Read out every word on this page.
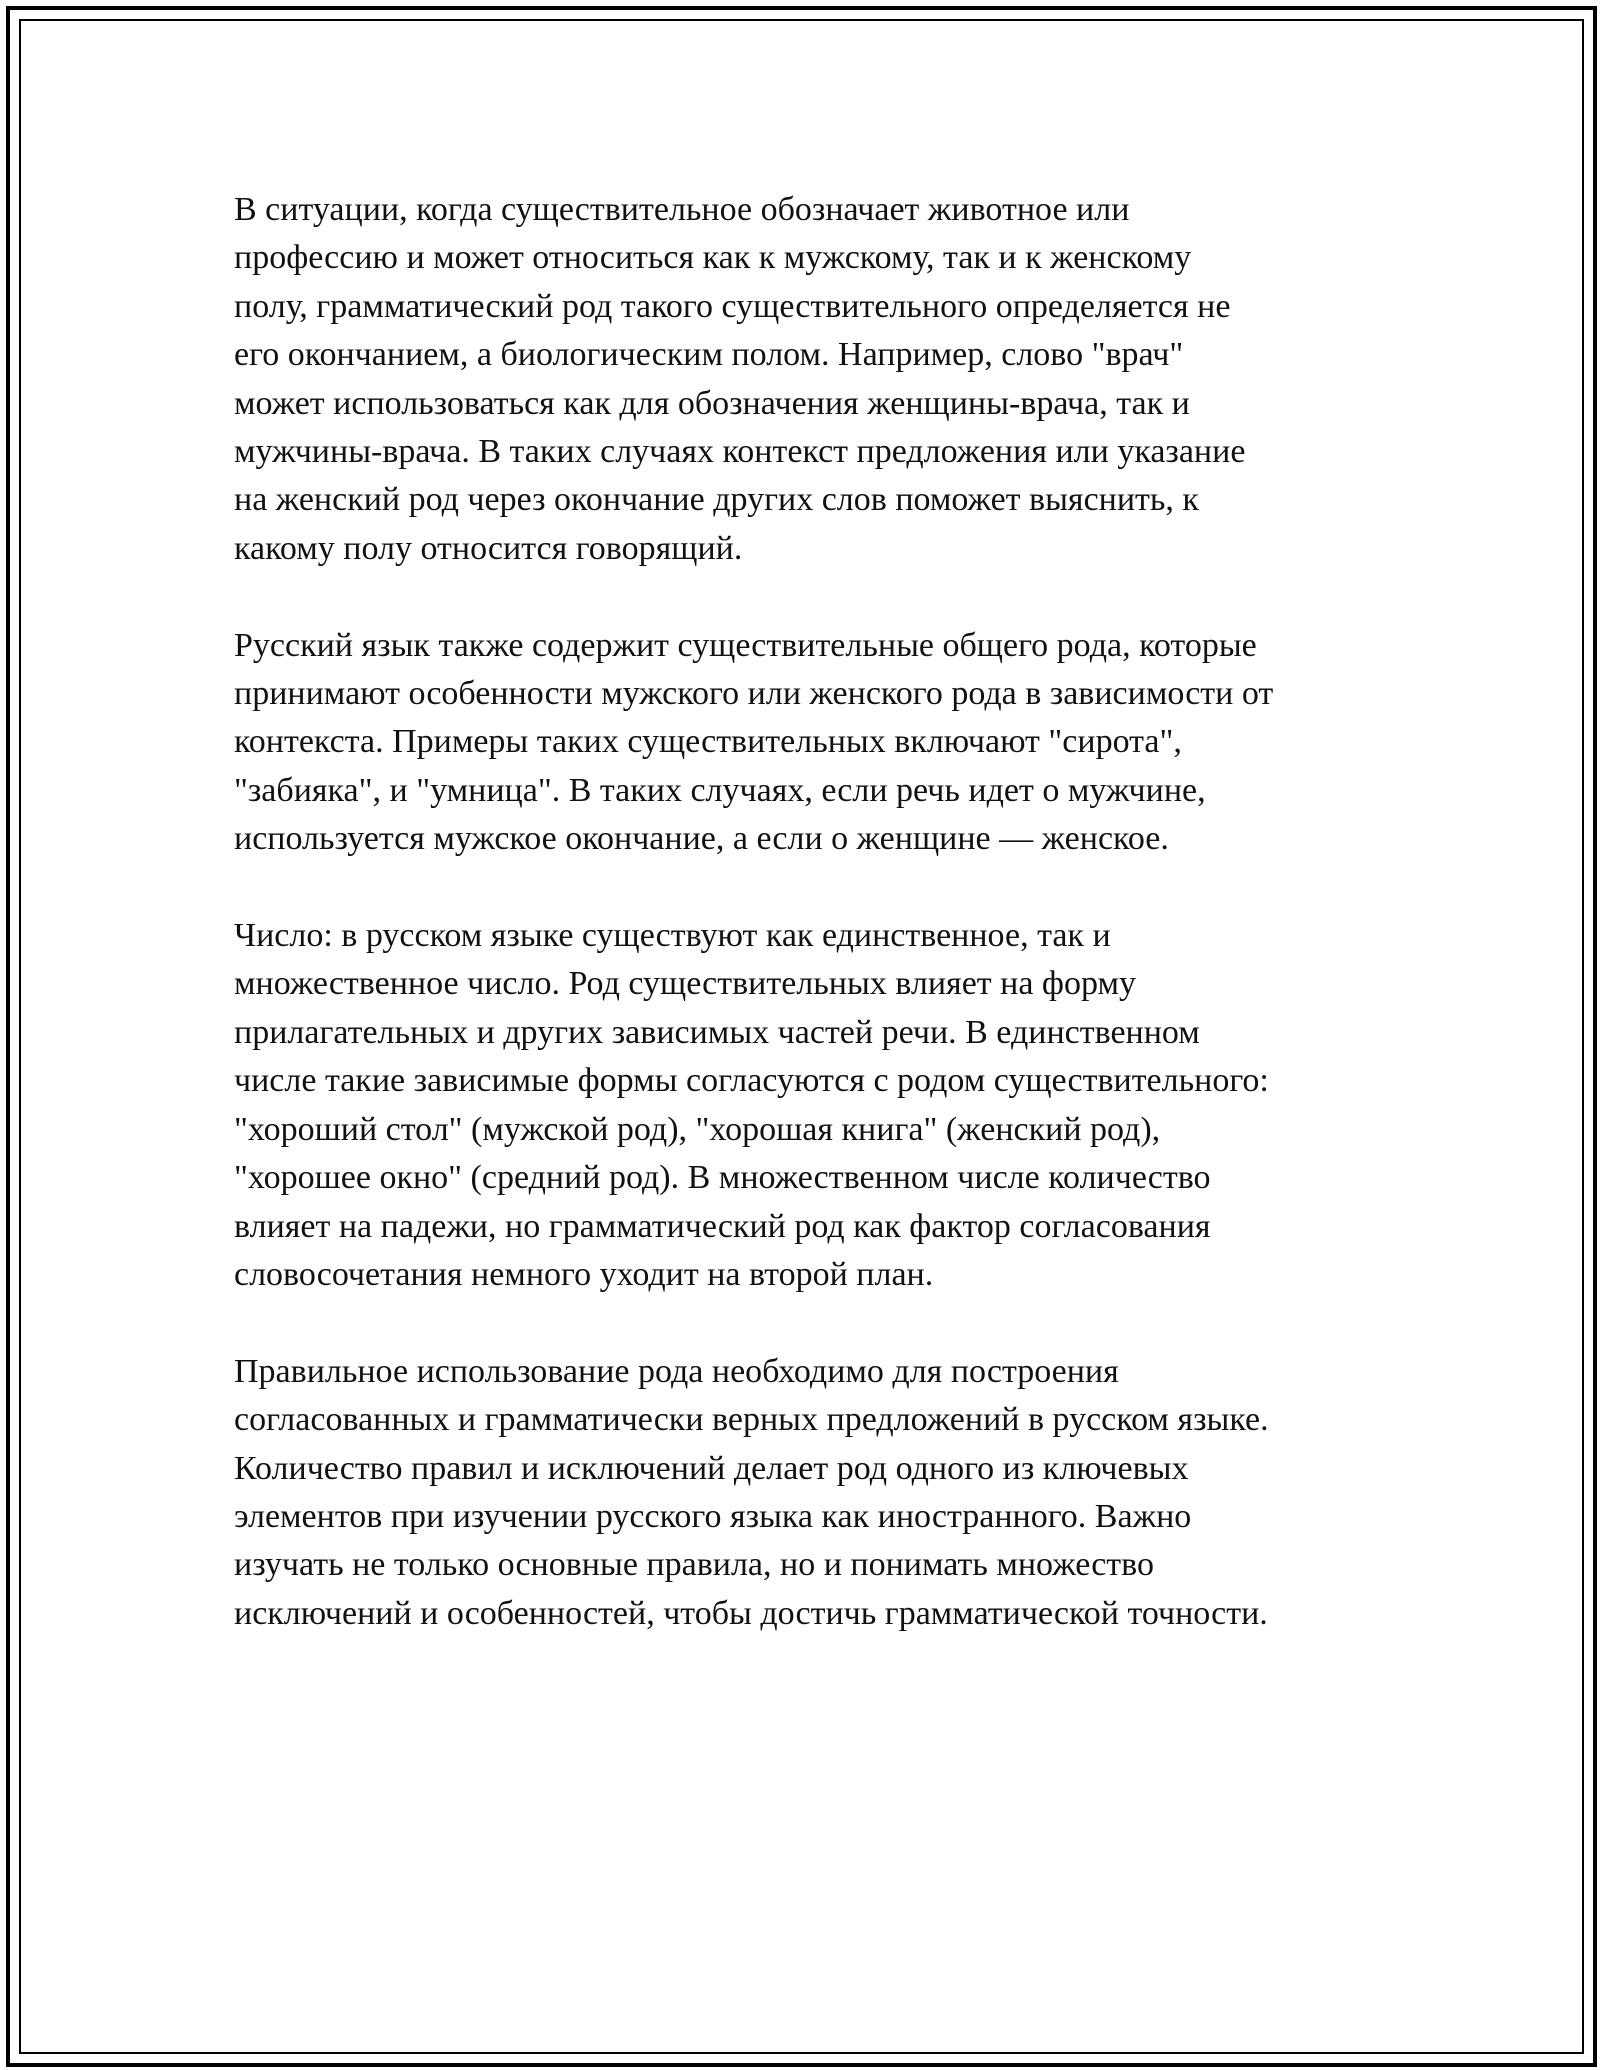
В ситуации, когда существительное обозначает животное или
профессию и может относиться как к мужскому, так и к женскому
полу, грамматический род такого существительного определяется не
его окончанием, а биологическим полом. Например, слово "врач"
может использоваться как для обозначения женщины-врача, так и
мужчины-врача. В таких случаях контекст предложения или указание
на женский род через окончание других слов поможет выяснить, к
какому полу относится говорящий.

Русский язык также содержит существительные общего рода, которые
принимают особенности мужского или женского рода в зависимости от
контекста. Примеры таких существительных включают "сирота",
"забияка", и "умница". В таких случаях, если речь идет о мужчине,
используется мужское окончание, а если о женщине — женское.

Число: в русском языке существуют как единственное, так и
множественное число. Род существительных влияет на форму
прилагательных и других зависимых частей речи. В единственном
числе такие зависимые формы согласуются с родом существительного:
"хороший стол" (мужской род), "хорошая книга" (женский род),
"хорошее окно" (средний род). В множественном числе количество
влияет на падежи, но грамматический род как фактор согласования
словосочетания немного уходит на второй план.

Правильное использование рода необходимо для построения
согласованных и грамматически верных предложений в русском языке.
Количество правил и исключений делает род одного из ключевых
элементов при изучении русского языка как иностранного. Важно
изучать не только основные правила, но и понимать множество
исключений и особенностей, чтобы достичь грамматической точности.
